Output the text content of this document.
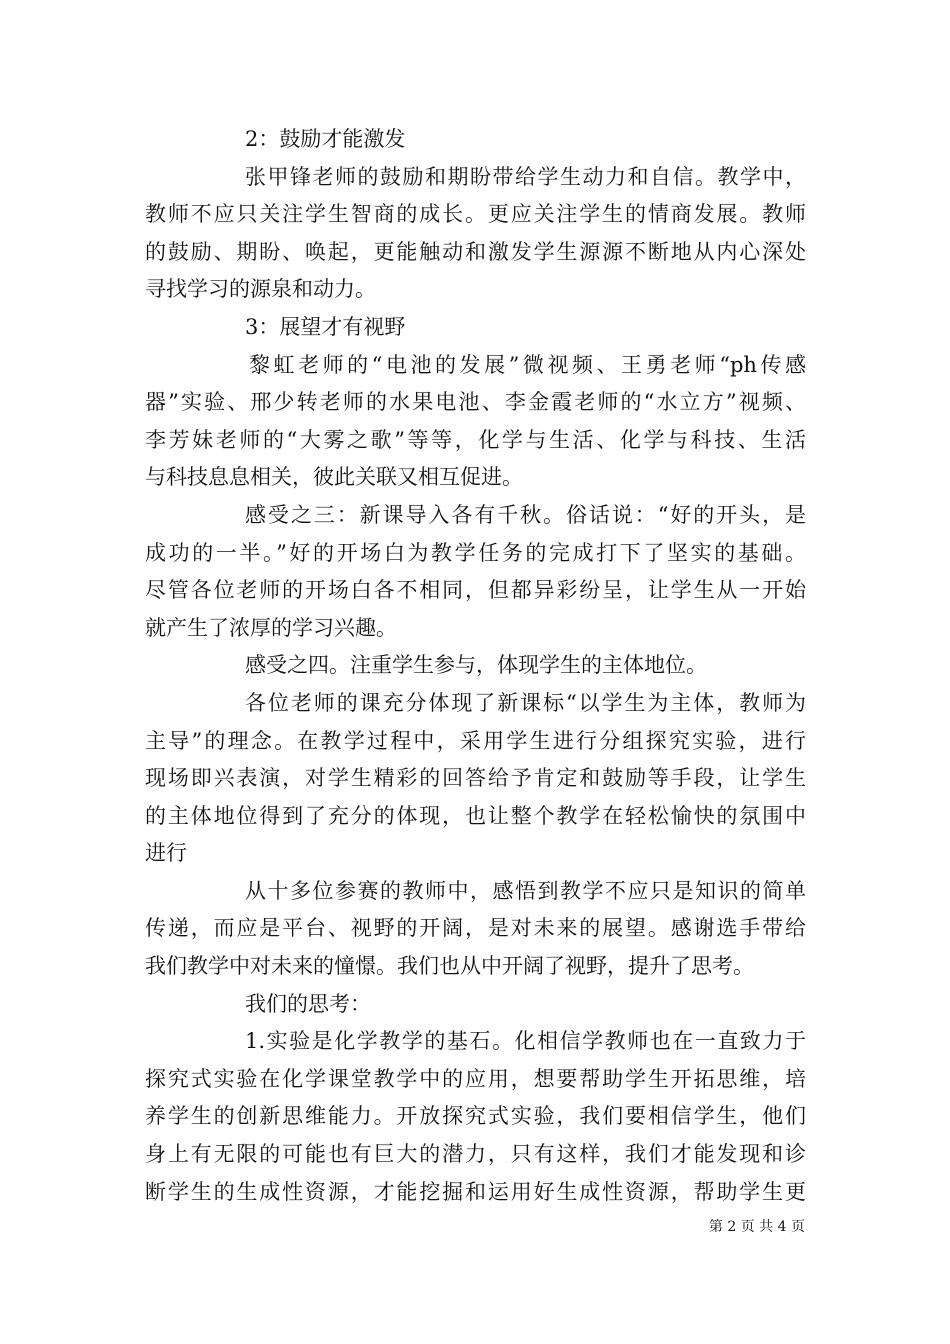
2：鼓励才能激发
张甲锋老师的鼓励和期盼带给学生动力和自信。教学中，
教师不应只关注学生智商的成长。更应关注学生的情商发展。教师
的鼓励、期盼、唤起，更能触动和激发学生源源不断地从内心深处
寻找学习的源泉和动力。
3：展望才有视野
黎虹老师的“电池的发展”微视频、王勇老师“ph传感
器”实验、邢少转老师的水果电池、李金霞老师的“水立方”视频、
李芳妹老师的“大雾之歌”等等，化学与生活、化学与科技、生活
与科技息息相关，彼此关联又相互促进。
感受之三：新课导入各有千秋。俗话说：“好的开头，是
成功的一半。”好的开场白为教学任务的完成打下了坚实的基础。
尽管各位老师的开场白各不相同，但都异彩纷呈，让学生从一开始
就产生了浓厚的学习兴趣。
感受之四。注重学生参与，体现学生的主体地位。
各位老师的课充分体现了新课标“以学生为主体，教师为
主导”的理念。在教学过程中，采用学生进行分组探究实验，进行
现场即兴表演，对学生精彩的回答给予肯定和鼓励等手段，让学生
的主体地位得到了充分的体现，也让整个教学在轻松愉快的氛围中
进行
从十多位参赛的教师中，感悟到教学不应只是知识的简单
传递，而应是平台、视野的开阔，是对未来的展望。感谢选手带给
我们教学中对未来的憧憬。我们也从中开阔了视野，提升了思考。
我们的思考：
1.实验是化学教学的基石。化相信学教师也在一直致力于
探究式实验在化学课堂教学中的应用，想要帮助学生开拓思维，培
养学生的创新思维能力。开放探究式实验，我们要相信学生，他们
身上有无限的可能也有巨大的潜力，只有这样，我们才能发现和诊
断学生的生成性资源，才能挖掘和运用好生成性资源，帮助学生更
第 2 页 共 4 页
